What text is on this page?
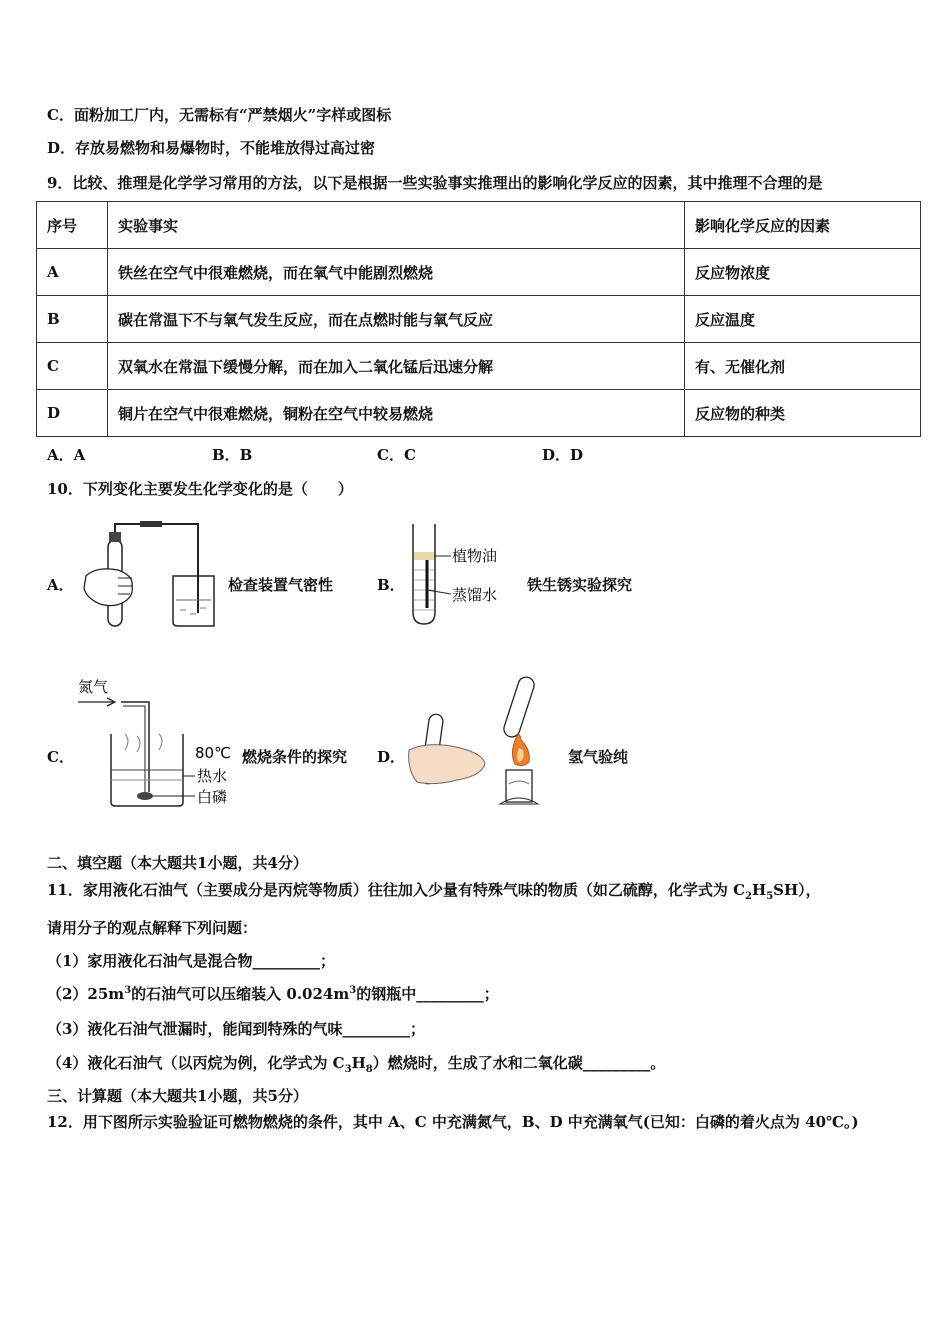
C．面粉加工厂内，无需标有“严禁烟火”字样或图标
D．存放易燃物和易爆物时，不能堆放得过高过密
9．比较、推理是化学学习常用的方法，以下是根据一些实验事实推理出的影响化学反应的因素，其中推理不合理的是
序号	实验事实	影响化学反应的因素
A	铁丝在空气中很难燃烧，而在氧气中能剧烈燃烧	反应物浓度
B	碳在常温下不与氧气发生反应，而在点燃时能与氧气反应	反应温度
C	双氧水在常温下缓慢分解，而在加入二氧化锰后迅速分解	有、无催化剂
D	铜片在空气中很难燃烧，铜粉在空气中较易燃烧	反应物的种类
A．A	B．B	C．C	D．D
10．下列变化主要发生化学变化的是（　　）
A．	检查装置气密性	B．
植物油
蒸馏水
铁生锈实验探究
C．
氮气
80℃
热水
白磷
燃烧条件的探究 D．	氢气验纯
二、填空题（本大题共1小题，共4分）
11．家用液化石油气（主要成分是丙烷等物质）往往加入少量有特殊气味的物质（如乙硫醇，化学式为 $C_2H_5SH$），
请用分子的观点解释下列问题：
（1）家用液化石油气是混合物_________；
$(2)25m^3$的石油气可以压缩装入 $0.024m^3$的钢瓶中_________；
（3）液化石油气泄漏时，能闻到特殊的气味_________；
（4）液化石油气（以丙烷为例，化学式为 $C_3H_8$）燃烧时，生成了水和二氧化碳_________。
三、计算题（本大题共1小题，共5分）
12．用下图所示实验验证可燃物燃烧的条件，其中 A、C 中充满氮气，B、D 中充满氧气(已知：白磷的着火点为 40℃。)
